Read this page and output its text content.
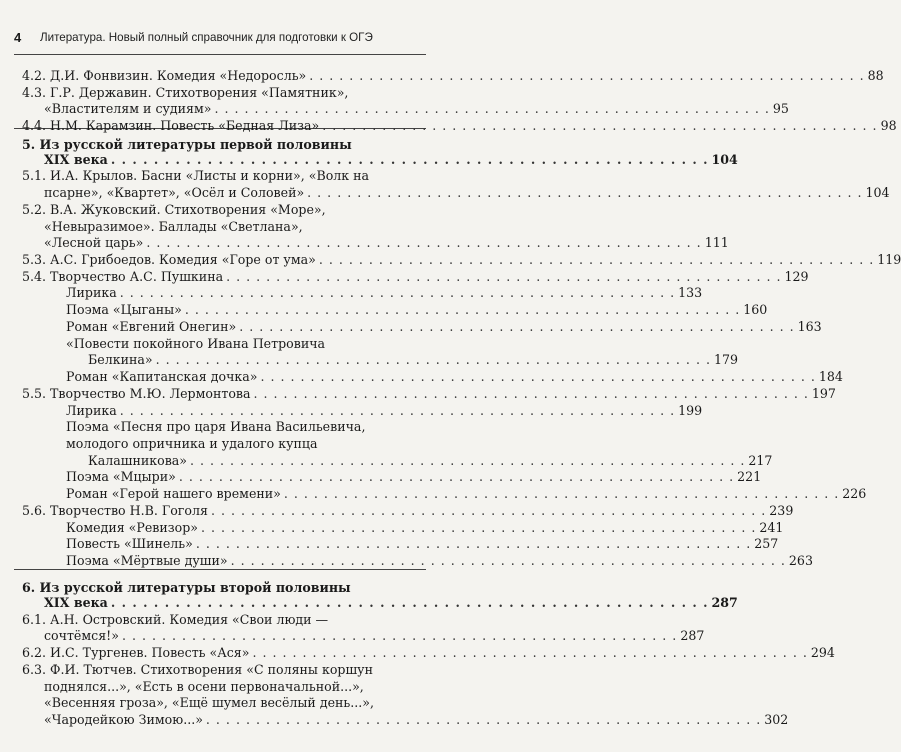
4	Литература. Новый полный справочник для подготовки к ОГЭ
4.2. Д.И. Фонвизин. Комедия «Недоросль» . . . . . . . . . . . . . . . . . . . . . . . . . . . . . . . . . . . . . . . . . . . . . . . . . . . . . . . . 88
4.3. Г.Р. Державин. Стихотворения «Памятник»,
«Властителям и судиям» . . . . . . . . . . . . . . . . . . . . . . . . . . . . . . . . . . . . . . . . . . . . . . . . . . . . . . . . 95
4.4. Н.М. Карамзин. Повесть «Бедная Лиза» . . . . . . . . . . . . . . . . . . . . . . . . . . . . . . . . . . . . . . . . . . . . . . . . . . . . . . . . 98
5. Из русской литературы первой половины
XIX века . . . . . . . . . . . . . . . . . . . . . . . . . . . . . . . . . . . . . . . . . . . . . . . . . . . . . . . . 104
5.1. И.А. Крылов. Басни «Листы и корни», «Волк на
псарне», «Квартет», «Осёл и Соловей» . . . . . . . . . . . . . . . . . . . . . . . . . . . . . . . . . . . . . . . . . . . . . . . . . . . . . . . . 104
5.2. В.А. Жуковский. Стихотворения «Море»,
«Невыразимое». Баллады «Светлана»,
«Лесной царь» . . . . . . . . . . . . . . . . . . . . . . . . . . . . . . . . . . . . . . . . . . . . . . . . . . . . . . . . 111
5.3. А.С. Грибоедов. Комедия «Горе от ума» . . . . . . . . . . . . . . . . . . . . . . . . . . . . . . . . . . . . . . . . . . . . . . . . . . . . . . . . 119
5.4. Творчество А.С. Пушкина . . . . . . . . . . . . . . . . . . . . . . . . . . . . . . . . . . . . . . . . . . . . . . . . . . . . . . . . 129
Лирика . . . . . . . . . . . . . . . . . . . . . . . . . . . . . . . . . . . . . . . . . . . . . . . . . . . . . . . . 133
Поэма «Цыганы» . . . . . . . . . . . . . . . . . . . . . . . . . . . . . . . . . . . . . . . . . . . . . . . . . . . . . . . . 160
Роман «Евгений Онегин» . . . . . . . . . . . . . . . . . . . . . . . . . . . . . . . . . . . . . . . . . . . . . . . . . . . . . . . . 163
«Повести покойного Ивана Петровича
Белкина» . . . . . . . . . . . . . . . . . . . . . . . . . . . . . . . . . . . . . . . . . . . . . . . . . . . . . . . . 179
Роман «Капитанская дочка» . . . . . . . . . . . . . . . . . . . . . . . . . . . . . . . . . . . . . . . . . . . . . . . . . . . . . . . . 184
5.5. Творчество М.Ю. Лермонтова . . . . . . . . . . . . . . . . . . . . . . . . . . . . . . . . . . . . . . . . . . . . . . . . . . . . . . . . 197
Лирика . . . . . . . . . . . . . . . . . . . . . . . . . . . . . . . . . . . . . . . . . . . . . . . . . . . . . . . . 199
Поэма «Песня про царя Ивана Васильевича,
молодого опричника и удалого купца
Калашникова» . . . . . . . . . . . . . . . . . . . . . . . . . . . . . . . . . . . . . . . . . . . . . . . . . . . . . . . . 217
Поэма «Мцыри» . . . . . . . . . . . . . . . . . . . . . . . . . . . . . . . . . . . . . . . . . . . . . . . . . . . . . . . . 221
Роман «Герой нашего времени» . . . . . . . . . . . . . . . . . . . . . . . . . . . . . . . . . . . . . . . . . . . . . . . . . . . . . . . . 226
5.6. Творчество Н.В. Гоголя . . . . . . . . . . . . . . . . . . . . . . . . . . . . . . . . . . . . . . . . . . . . . . . . . . . . . . . . 239
Комедия «Ревизор» . . . . . . . . . . . . . . . . . . . . . . . . . . . . . . . . . . . . . . . . . . . . . . . . . . . . . . . . 241
Повесть «Шинель» . . . . . . . . . . . . . . . . . . . . . . . . . . . . . . . . . . . . . . . . . . . . . . . . . . . . . . . . 257
Поэма «Мёртвые души» . . . . . . . . . . . . . . . . . . . . . . . . . . . . . . . . . . . . . . . . . . . . . . . . . . . . . . . . 263
6. Из русской литературы второй половины
XIX века . . . . . . . . . . . . . . . . . . . . . . . . . . . . . . . . . . . . . . . . . . . . . . . . . . . . . . . . 287
6.1. А.Н. Островский. Комедия «Свои люди —
сочтёмся!» . . . . . . . . . . . . . . . . . . . . . . . . . . . . . . . . . . . . . . . . . . . . . . . . . . . . . . . . 287
6.2. И.С. Тургенев. Повесть «Ася» . . . . . . . . . . . . . . . . . . . . . . . . . . . . . . . . . . . . . . . . . . . . . . . . . . . . . . . . 294
6.3. Ф.И. Тютчев. Стихотворения «С поляны коршун
поднялся...», «Есть в осени первоначальной...»,
«Весенняя гроза», «Ещё шумел весёлый день...»,
«Чародейкою Зимою...» . . . . . . . . . . . . . . . . . . . . . . . . . . . . . . . . . . . . . . . . . . . . . . . . . . . . . . . . 302
